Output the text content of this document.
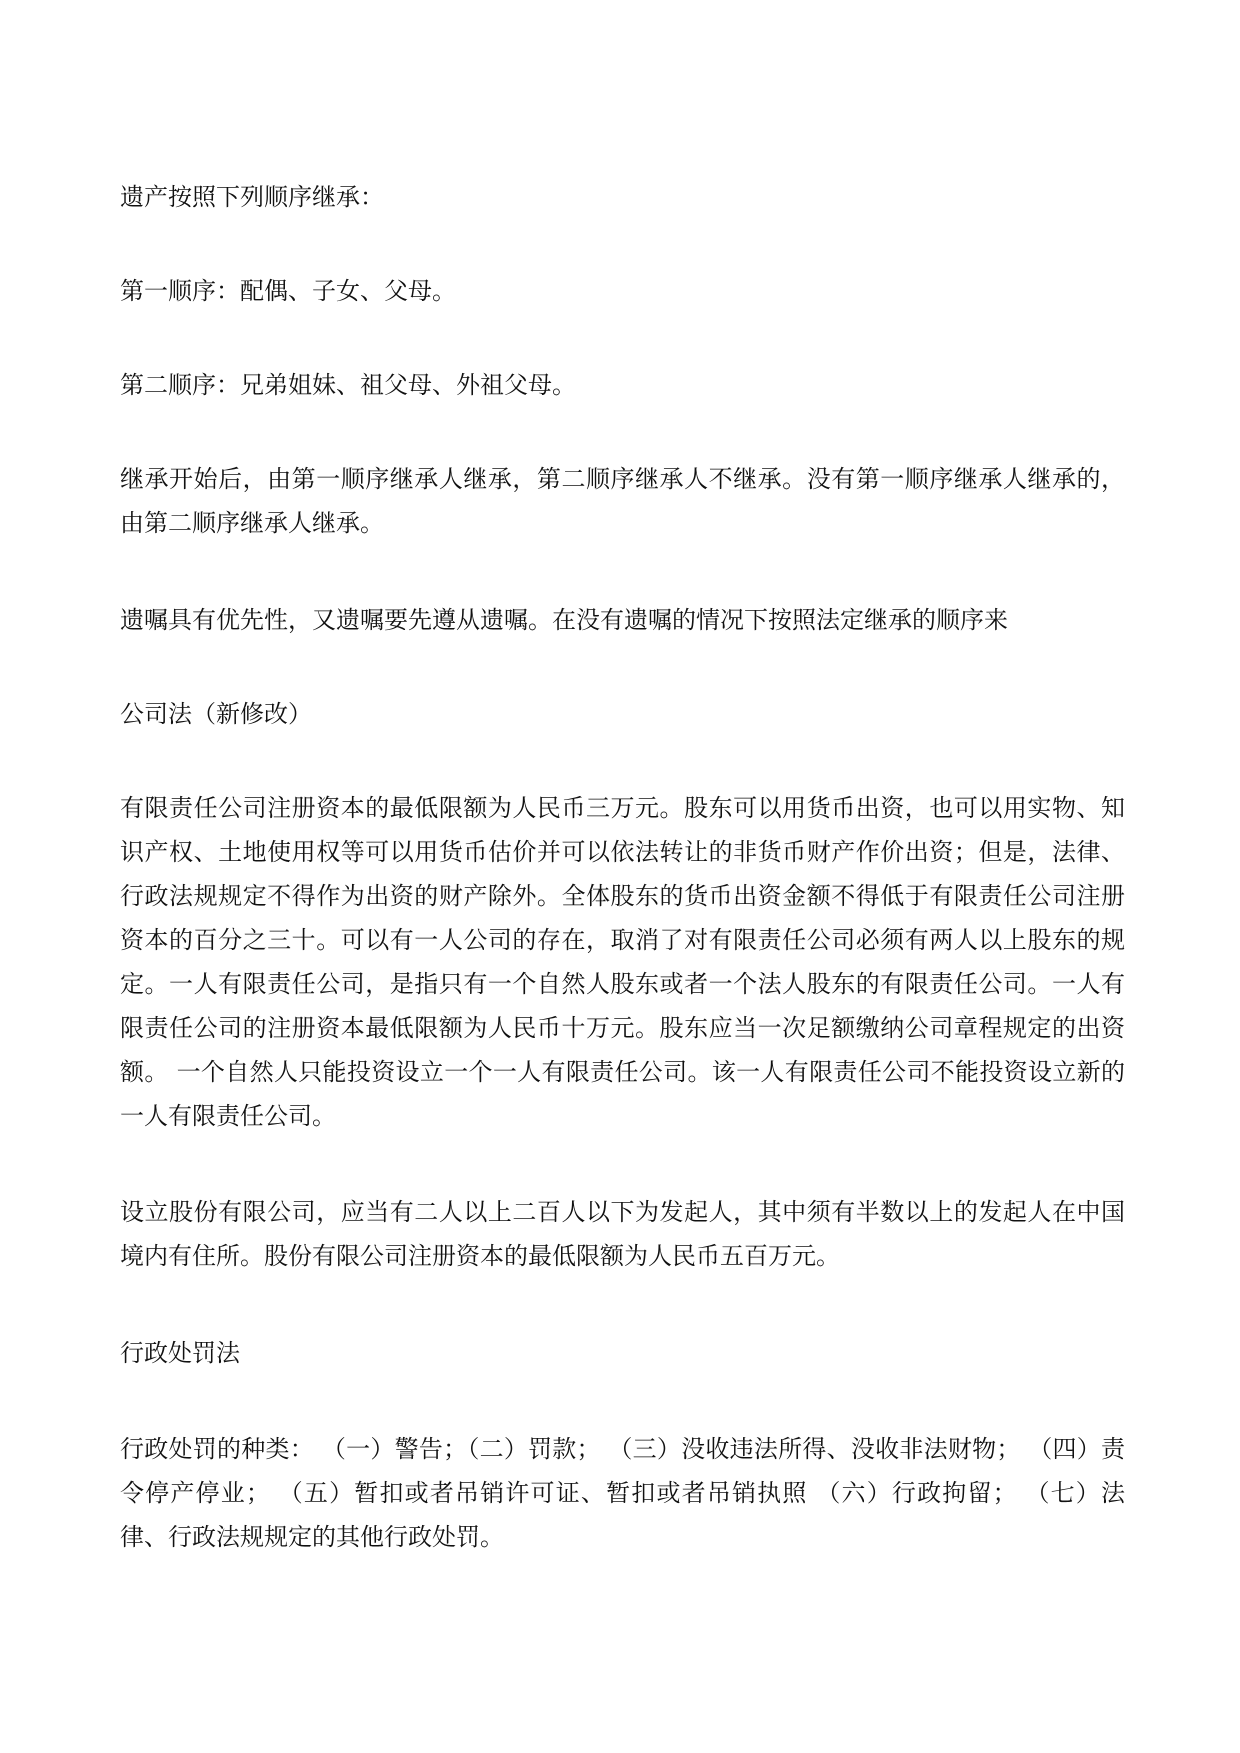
遗产按照下列顺序继承：

第一顺序：配偶、子女、父母。

第二顺序：兄弟姐妹、祖父母、外祖父母。

继承开始后，由第一顺序继承人继承，第二顺序继承人不继承。没有第一顺序继承人继承的，由第二顺序继承人继承。

遗嘱具有优先性，又遗嘱要先遵从遗嘱。在没有遗嘱的情况下按照法定继承的顺序来

公司法（新修改）

有限责任公司注册资本的最低限额为人民币三万元。股东可以用货币出资，也可以用实物、知识产权、土地使用权等可以用货币估价并可以依法转让的非货币财产作价出资；但是，法律、行政法规规定不得作为出资的财产除外。全体股东的货币出资金额不得低于有限责任公司注册资本的百分之三十。可以有一人公司的存在，取消了对有限责任公司必须有两人以上股东的规定。一人有限责任公司，是指只有一个自然人股东或者一个法人股东的有限责任公司。一人有限责任公司的注册资本最低限额为人民币十万元。股东应当一次足额缴纳公司章程规定的出资额。 一个自然人只能投资设立一个一人有限责任公司。该一人有限责任公司不能投资设立新的一人有限责任公司。

设立股份有限公司，应当有二人以上二百人以下为发起人，其中须有半数以上的发起人在中国境内有住所。股份有限公司注册资本的最低限额为人民币五百万元。

行政处罚法

行政处罚的种类： （一）警告；（二）罚款； （三）没收违法所得、没收非法财物； （四）责令停产停业； （五）暂扣或者吊销许可证、暂扣或者吊销执照 （六）行政拘留； （七）法律、行政法规规定的其他行政处罚。
